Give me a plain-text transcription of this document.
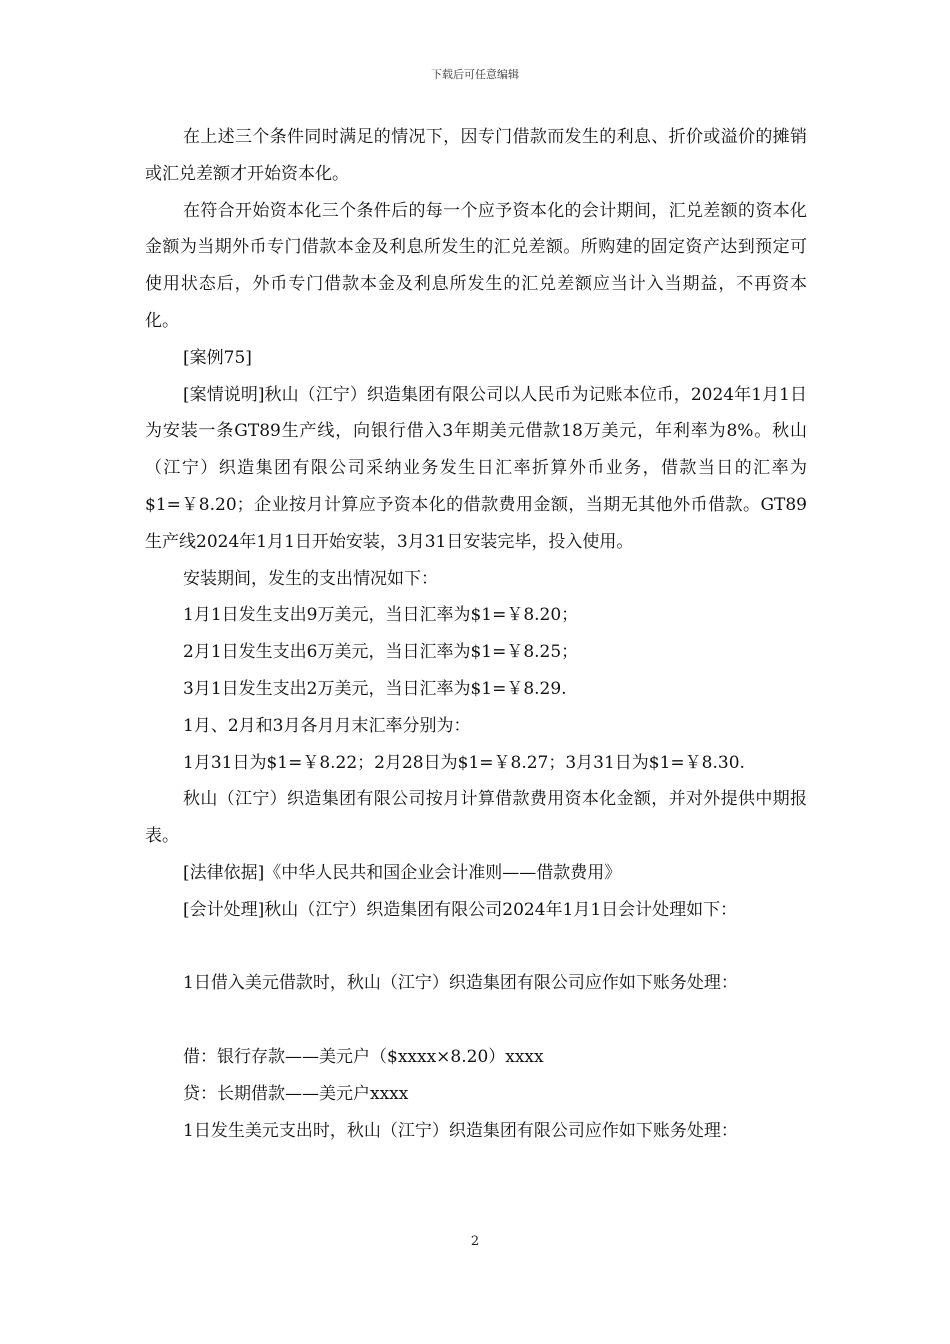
下载后可任意编辑

在上述三个条件同时满足的情况下，因专门借款而发生的利息、折价或溢价的摊销或汇兑差额才开始资本化。

在符合开始资本化三个条件后的每一个应予资本化的会计期间，汇兑差额的资本化金额为当期外币专门借款本金及利息所发生的汇兑差额。所购建的固定资产达到预定可使用状态后，外币专门借款本金及利息所发生的汇兑差额应当计入当期益，不再资本化。

[案例75]

[案情说明]秋山（江宁）织造集团有限公司以人民币为记账本位币，2024年1月1日为安装一条GT89生产线，向银行借入3年期美元借款18万美元，年利率为8%。秋山（江宁）织造集团有限公司采纳业务发生日汇率折算外币业务，借款当日的汇率为$1=￥8.20；企业按月计算应予资本化的借款费用金额，当期无其他外币借款。GT89生产线2024年1月1日开始安装，3月31日安装完毕，投入使用。

安装期间，发生的支出情况如下：

1月1日发生支出9万美元，当日汇率为$1=￥8.20；

2月1日发生支出6万美元，当日汇率为$1=￥8.25；

3月1日发生支出2万美元，当日汇率为$1=￥8.29.

1月、2月和3月各月月末汇率分别为：

1月31日为$1=￥8.22；2月28日为$1=￥8.27；3月31日为$1=￥8.30.

秋山（江宁）织造集团有限公司按月计算借款费用资本化金额，并对外提供中期报表。

[法律依据]《中华人民共和国企业会计准则——借款费用》

[会计处理]秋山（江宁）织造集团有限公司2024年1月1日会计处理如下：

1日借入美元借款时，秋山（江宁）织造集团有限公司应作如下账务处理：

借：银行存款——美元户（$xxxx×8.20）xxxx

贷：长期借款——美元户xxxx

1日发生美元支出时，秋山（江宁）织造集团有限公司应作如下账务处理：

2
